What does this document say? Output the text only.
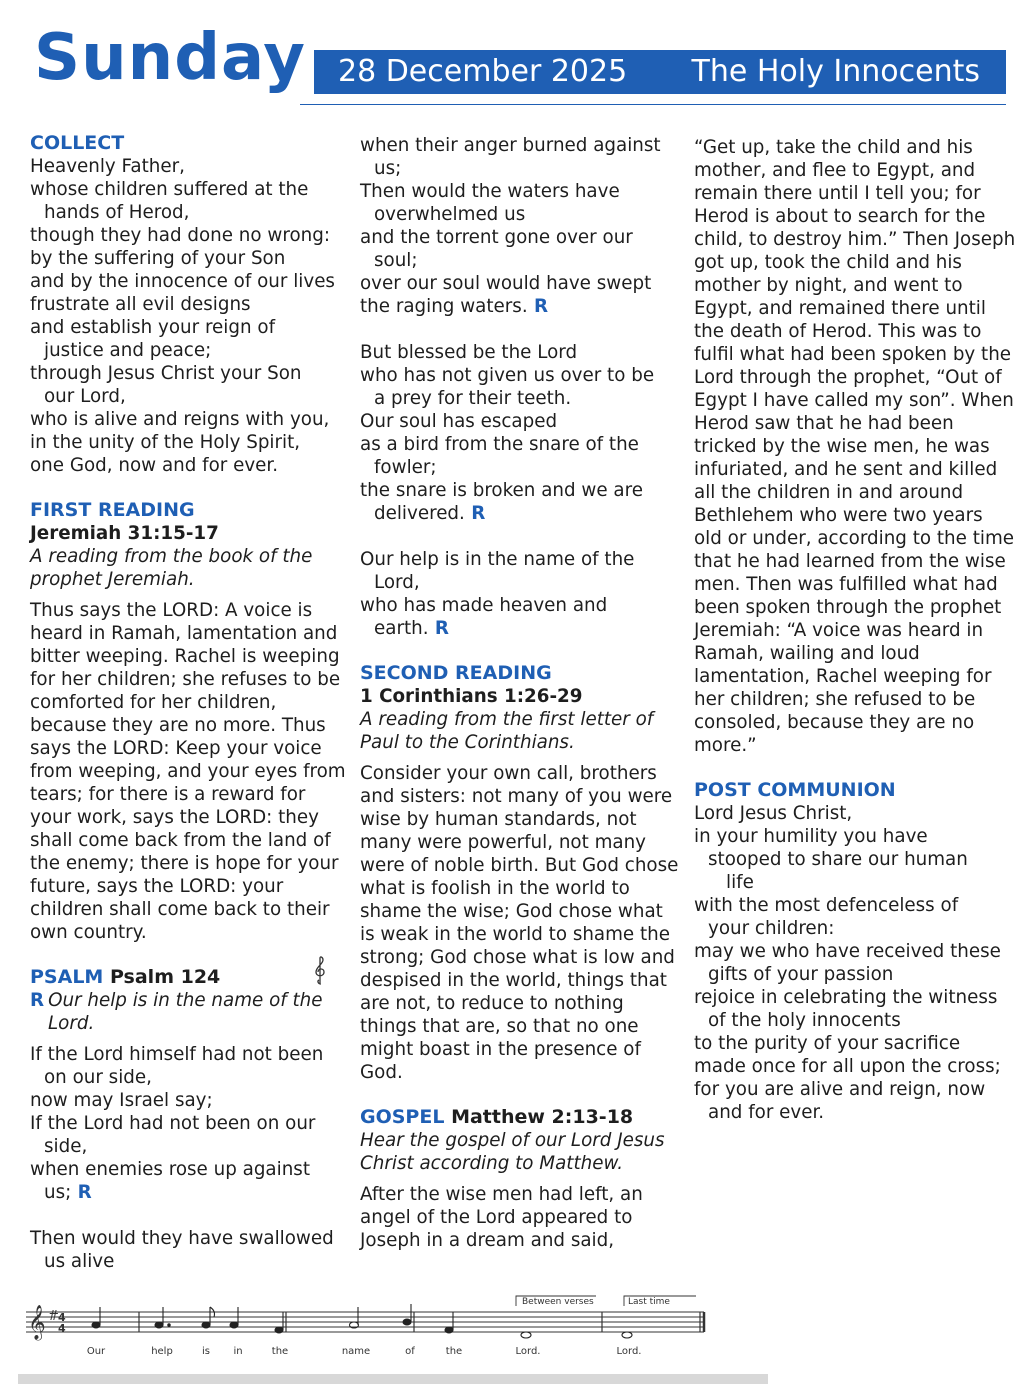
Sunday 28 December 2025 The Holy Innocents
COLLECT
Heavenly Father,
whose children suffered at the
hands of Herod,
though they had done no wrong:
by the suffering of your Son
and by the innocence of our lives
frustrate all evil designs
and establish your reign of
justice and peace;
through Jesus Christ your Son
our Lord,
who is alive and reigns with you,
in the unity of the Holy Spirit,
one God, now and for ever.
FIRST READING
Jeremiah 31:15-17
A reading from the book of the prophet Jeremiah.
Thus says the LORD: A voice is heard in Ramah, lamentation and bitter weeping. Rachel is weeping for her children; she refuses to be comforted for her children, because they are no more. Thus says the LORD: Keep your voice from weeping, and your eyes from tears; for there is a reward for your work, says the LORD: they shall come back from the land of the enemy; there is hope for your future, says the LORD: your children shall come back to their own country.
PSALM Psalm 124
R Our help is in the name of the Lord.
If the Lord himself had not been
on our side,
now may Israel say;
If the Lord had not been on our
side,
when enemies rose up against
us; R
Then would they have swallowed
us alive
when their anger burned against
us;
Then would the waters have
overwhelmed us
and the torrent gone over our
soul;
over our soul would have swept
the raging waters. R
But blessed be the Lord
who has not given us over to be
a prey for their teeth.
Our soul has escaped
as a bird from the snare of the
fowler;
the snare is broken and we are
delivered. R
Our help is in the name of the
Lord,
who has made heaven and
earth. R
SECOND READING
1 Corinthians 1:26-29
A reading from the first letter of Paul to the Corinthians.
Consider your own call, brothers and sisters: not many of you were wise by human standards, not many were powerful, not many were of noble birth. But God chose what is foolish in the world to shame the wise; God chose what is weak in the world to shame the strong; God chose what is low and despised in the world, things that are not, to reduce to nothing things that are, so that no one might boast in the presence of God.
GOSPEL Matthew 2:13-18
Hear the gospel of our Lord Jesus Christ according to Matthew.
After the wise men had left, an angel of the Lord appeared to Joseph in a dream and said,
“Get up, take the child and his mother, and flee to Egypt, and remain there until I tell you; for Herod is about to search for the child, to destroy him.” Then Joseph got up, took the child and his mother by night, and went to Egypt, and remained there until the death of Herod. This was to fulfil what had been spoken by the Lord through the prophet, “Out of Egypt I have called my son”. When Herod saw that he had been tricked by the wise men, he was infuriated, and he sent and killed all the children in and around Bethlehem who were two years old or under, according to the time that he had learned from the wise men. Then was fulfilled what had been spoken through the prophet Jeremiah: “A voice was heard in Ramah, wailing and loud lamentation, Rachel weeping for her children; she refused to be consoled, because they are no more.”
POST COMMUNION
Lord Jesus Christ,
in your humility you have
stooped to share our human
life
with the most defenceless of
your children:
may we who have received these
gifts of your passion
rejoice in celebrating the witness
of the holy innocents
to the purity of your sacrifice
made once for all upon the cross;
for you are alive and reign, now
and for ever.
𝄞 # 4
4
Between verses	Last time
Our	help	is in	the	name	of	the	Lord.	Lord.
